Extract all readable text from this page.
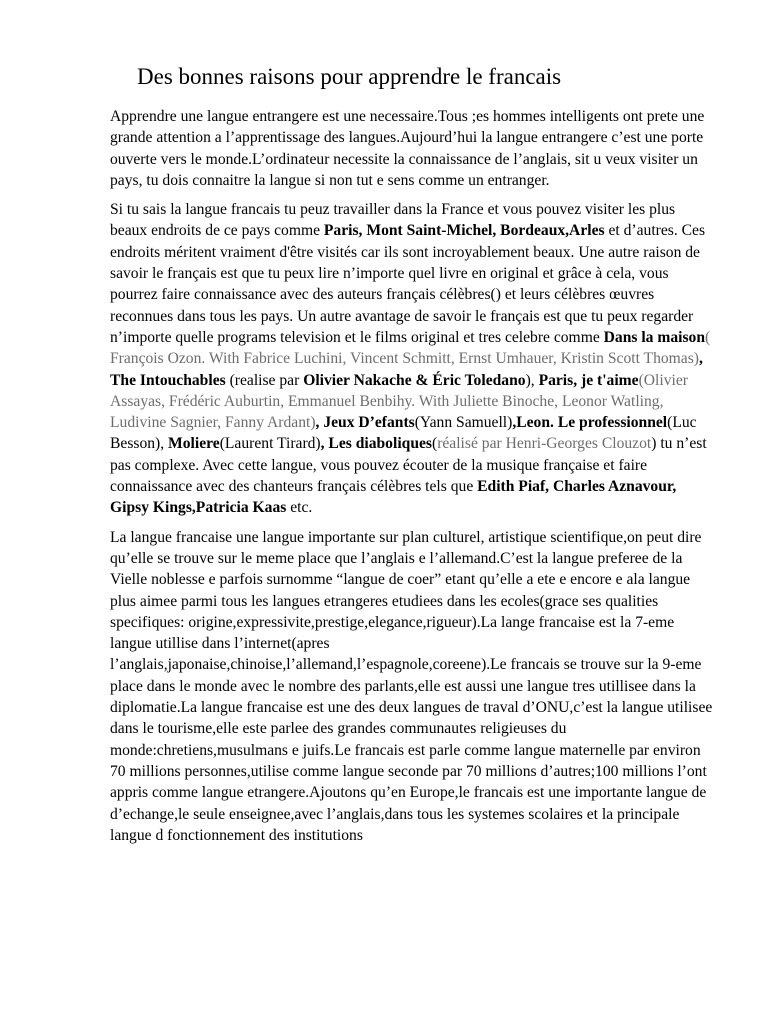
Des bonnes raisons pour apprendre le francais

Apprendre une langue entrangere est une necessaire.Tous ;es hommes intelligents ont prete une grande attention a l’apprentissage des langues.Aujourd’hui la langue entrangere c’est une porte ouverte vers le monde.L’ordinateur necessite la connaissance de l’anglais, sit u veux visiter un pays, tu dois connaitre la langue si non tut e sens comme un entranger.

Si tu sais la langue francais tu peuz travailler dans la France et vous pouvez visiter les plus beaux endroits de ce pays comme Paris, Mont Saint-Michel, Bordeaux,Arles et d’autres. Ces endroits méritent vraiment d'être visités car ils sont incroyablement beaux. Une autre raison de savoir le français est que tu peux lire n’importe quel livre en original et grâce à cela, vous pourrez faire connaissance avec des auteurs français célèbres() et leurs célèbres œuvres reconnues dans tous les pays. Un autre avantage de savoir le français est que tu peux regarder n’importe quelle programs television et le films original et tres celebre comme Dans la maison( François Ozon. With Fabrice Luchini, Vincent Schmitt, Ernst Umhauer, Kristin Scott Thomas), The Intouchables (realise par Olivier Nakache & Éric Toledano), Paris, je t'aime(Olivier Assayas, Frédéric Auburtin, Emmanuel Benbihy. With Juliette Binoche, Leonor Watling, Ludivine Sagnier, Fanny Ardant), Jeux D’efants(Yann Samuell),Leon. Le professionnel(Luc Besson), Moliere(Laurent Tirard), Les diaboliques(réalisé par Henri-Georges Clouzot) tu n’est pas complexe. Avec cette langue, vous pouvez écouter de la musique française et faire connaissance avec des chanteurs français célèbres tels que Edith Piaf, Charles Aznavour, Gipsy Kings,Patricia Kaas etc.

La langue francaise une langue importante sur plan culturel, artistique scientifique,on peut dire qu’elle se trouve sur le meme place que l’anglais e l’allemand.C’est la langue preferee de la Vielle noblesse e parfois surnomme “langue de coer” etant qu’elle a ete e encore e ala langue plus aimee parmi tous les langues etrangeres etudiees dans les ecoles(grace ses qualities specifiques: origine,expressivite,prestige,elegance,rigueur).La lange francaise est la 7-eme langue utillise dans l’internet(apres l’anglais,japonaise,chinoise,l’allemand,l’espagnole,coreene).Le francais se trouve sur la 9-eme place dans le monde avec le nombre des parlants,elle est aussi une langue tres utillisee dans la diplomatie.La langue francaise est une des deux langues de traval d’ONU,c’est la langue utilisee dans le tourisme,elle este parlee des grandes communautes religieuses du monde:chretiens,musulmans e juifs.Le francais est parle comme langue maternelle par environ 70 millions personnes,utilise comme langue seconde par 70 millions d’autres;100 millions l’ont appris comme langue etrangere.Ajoutons qu’en Europe,le francais est une importante langue de d’echange,le seule enseignee,avec l’anglais,dans tous les systemes scolaires et la principale langue d fonctionnement des institutions
